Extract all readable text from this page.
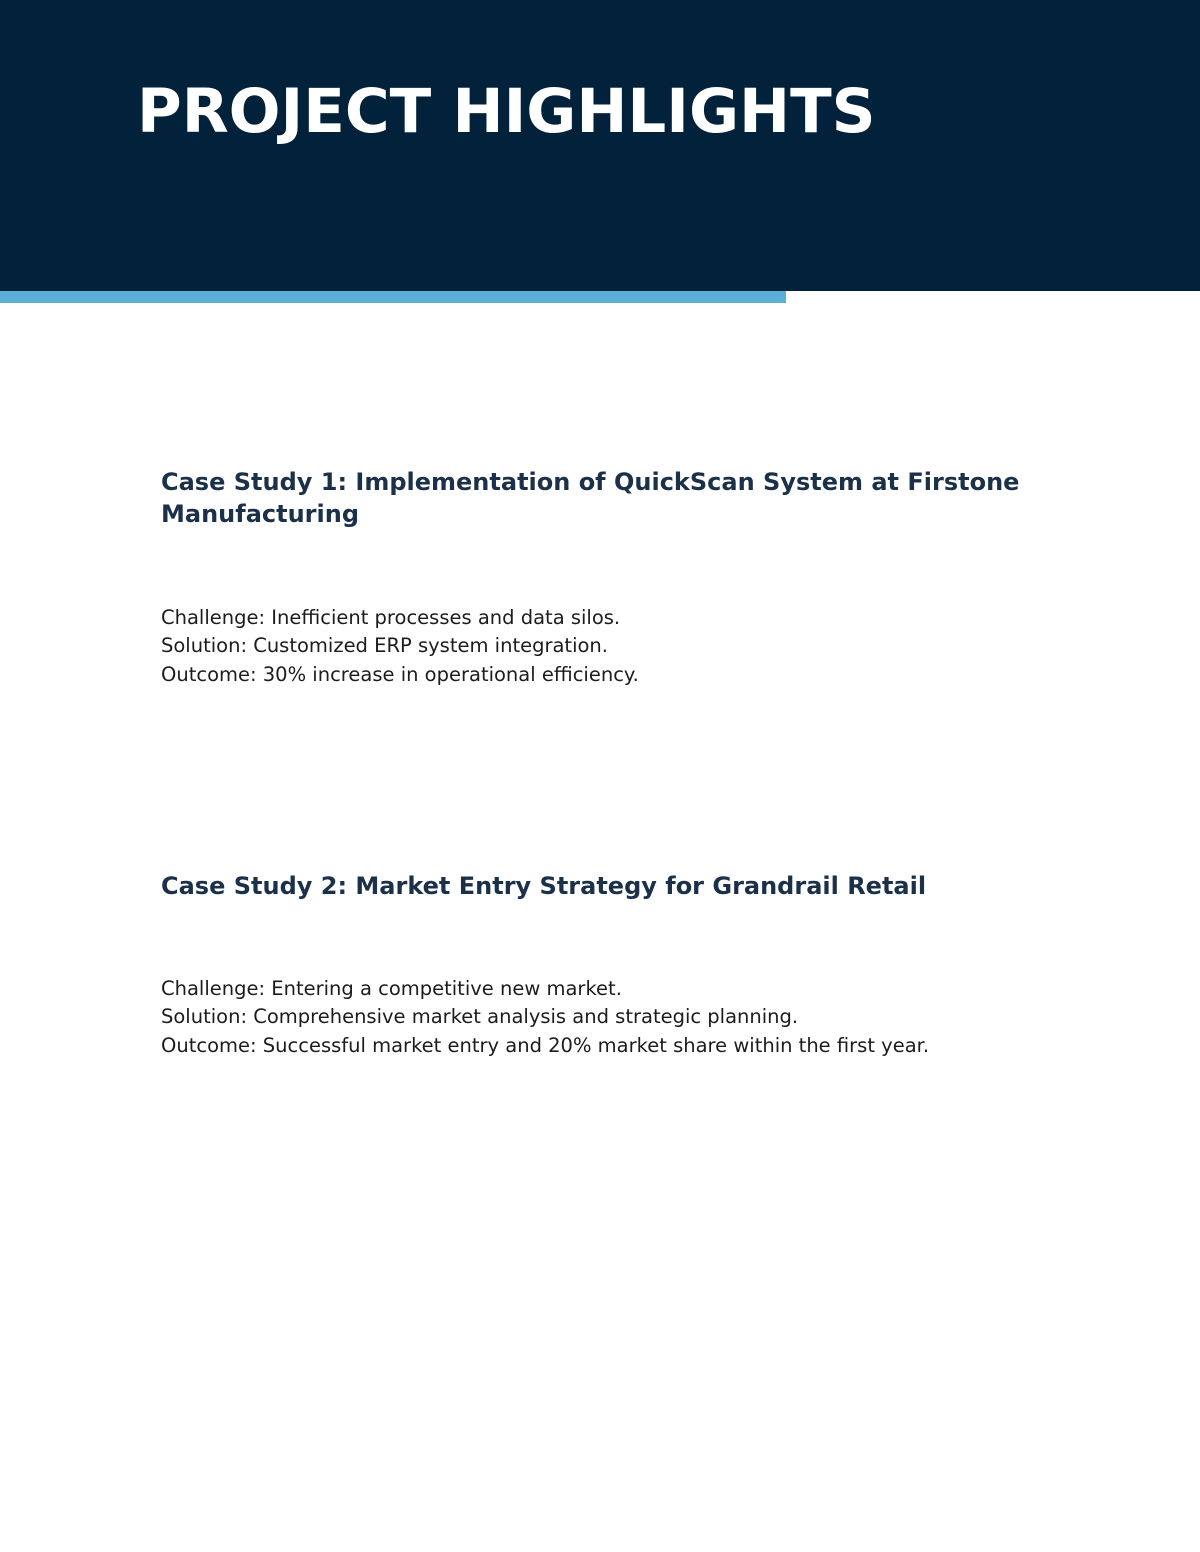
PROJECT HIGHLIGHTS
Case Study 1: Implementation of QuickScan System at Firstone Manufacturing

Challenge: Inefficient processes and data silos.
Solution: Customized ERP system integration.
Outcome: 30% increase in operational efficiency.

Case Study 2: Market Entry Strategy for Grandrail Retail

Challenge: Entering a competitive new market.
Solution: Comprehensive market analysis and strategic planning.
Outcome: Successful market entry and 20% market share within the first year.
